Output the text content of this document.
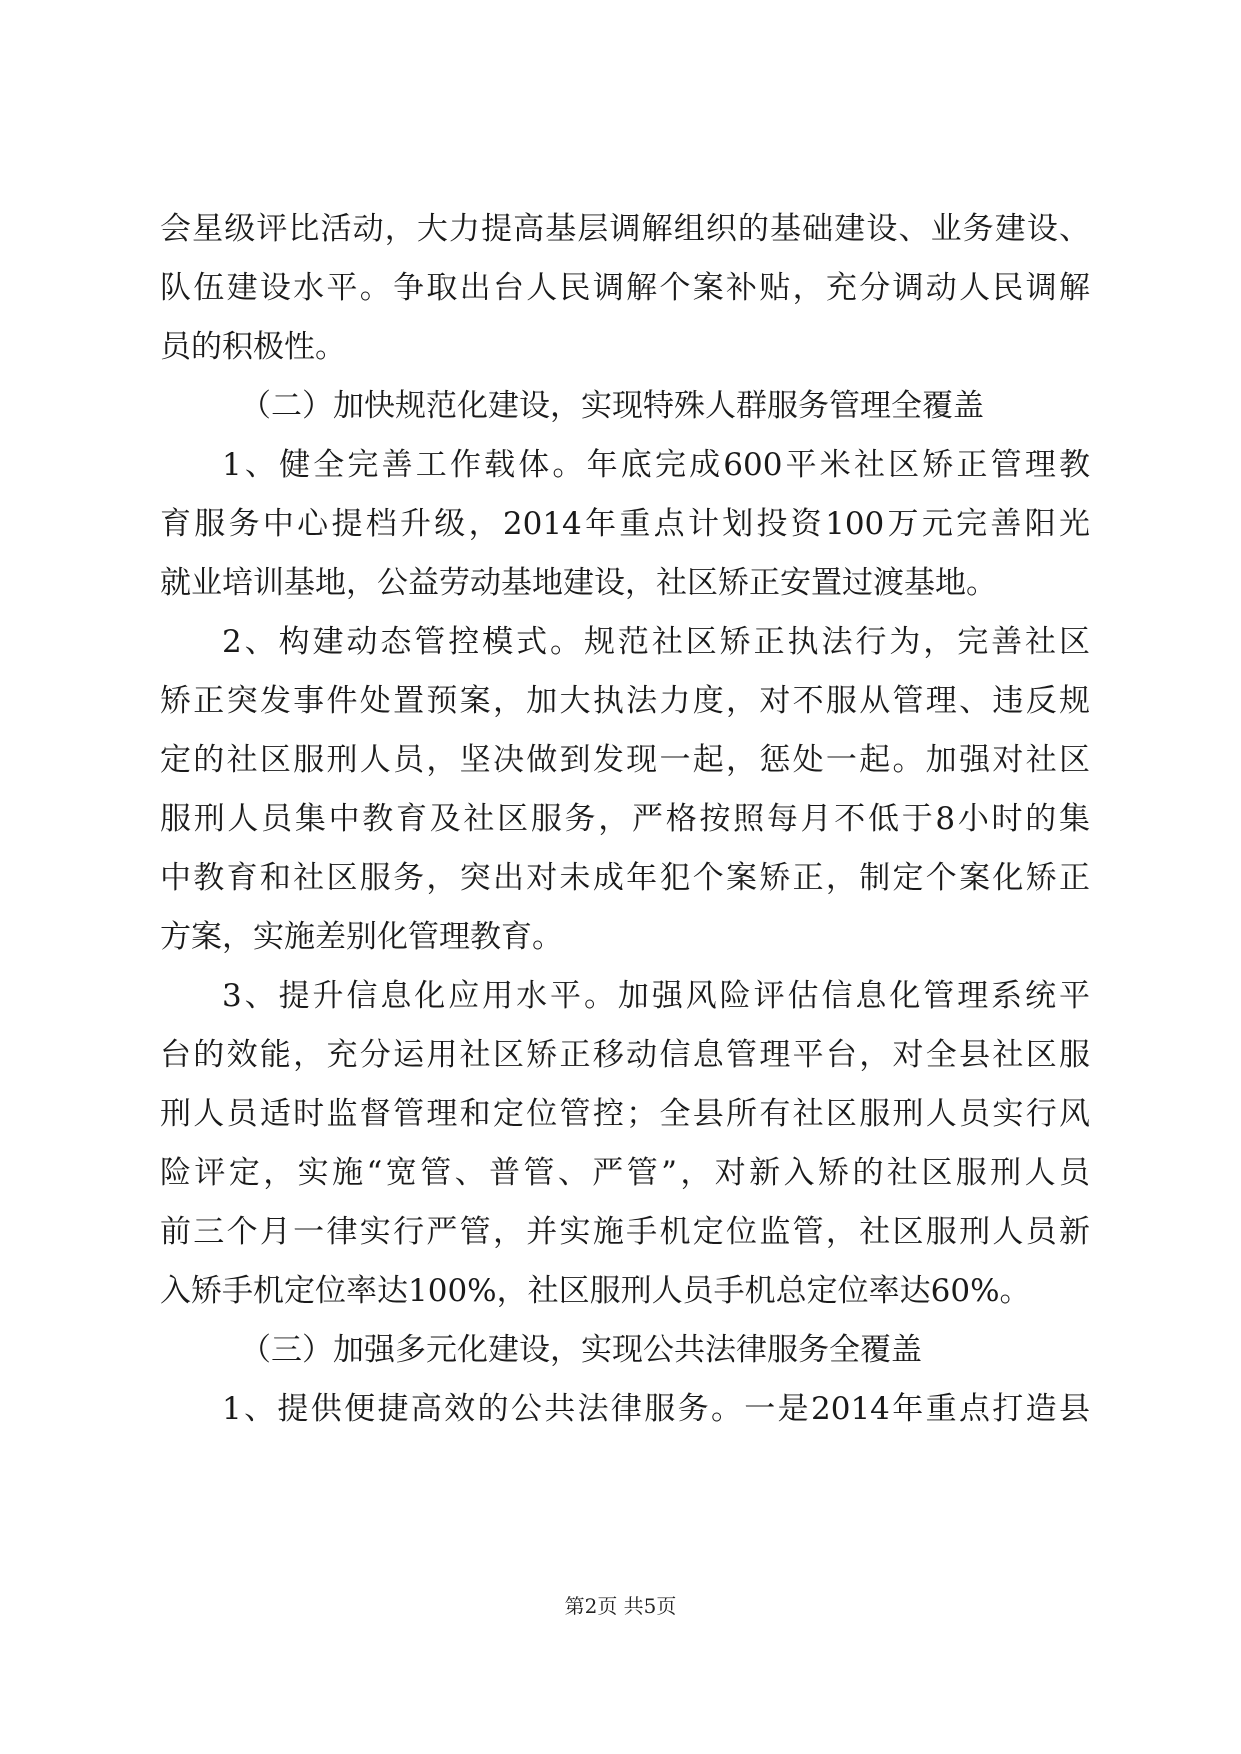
会星级评比活动，大力提高基层调解组织的基础建设、业务建设、
队伍建设水平。争取出台人民调解个案补贴，充分调动人民调解
员的积极性。
（二）加快规范化建设，实现特殊人群服务管理全覆盖
1、健全完善工作载体。年底完成600平米社区矫正管理教
育服务中心提档升级，2014年重点计划投资100万元完善阳光
就业培训基地，公益劳动基地建设，社区矫正安置过渡基地。
2、构建动态管控模式。规范社区矫正执法行为，完善社区
矫正突发事件处置预案，加大执法力度，对不服从管理、违反规
定的社区服刑人员，坚决做到发现一起，惩处一起。加强对社区
服刑人员集中教育及社区服务，严格按照每月不低于8小时的集
中教育和社区服务，突出对未成年犯个案矫正，制定个案化矫正
方案，实施差别化管理教育。
3、提升信息化应用水平。加强风险评估信息化管理系统平
台的效能，充分运用社区矫正移动信息管理平台，对全县社区服
刑人员适时监督管理和定位管控；全县所有社区服刑人员实行风
险评定，实施“宽管、普管、严管”，对新入矫的社区服刑人员
前三个月一律实行严管，并实施手机定位监管，社区服刑人员新
入矫手机定位率达100%，社区服刑人员手机总定位率达60%。
（三）加强多元化建设，实现公共法律服务全覆盖
1、提供便捷高效的公共法律服务。一是2014年重点打造县
第2页 共5页
